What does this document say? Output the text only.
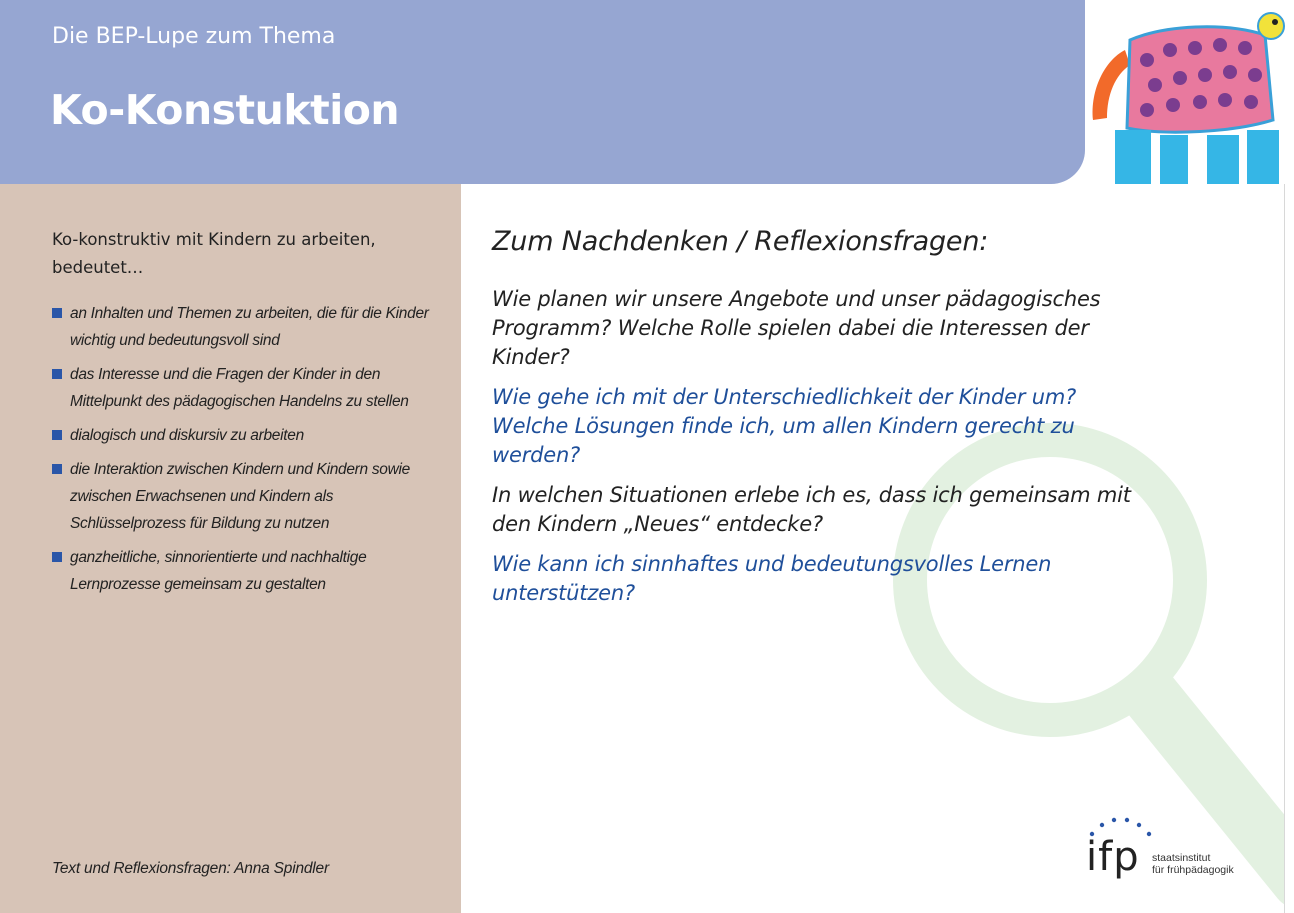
Die BEP-Lupe zum Thema
Ko-Konstuktion
Ko-konstruktiv mit Kindern zu arbeiten, bedeutet…
an Inhalten und Themen zu arbeiten, die für die Kinder wichtig und bedeutungsvoll sind
das Interesse und die Fragen der Kinder in den Mittelpunkt des pädagogischen Handelns zu stellen
dialogisch und diskursiv zu arbeiten
die Interaktion zwischen Kindern und Kindern sowie zwischen Erwachsenen und Kindern als Schlüsselprozess für Bildung zu nutzen
ganzheitliche, sinnorientierte und nachhaltige Lernprozesse gemeinsam zu gestalten
Text und Reflexionsfragen: Anna Spindler
Zum Nachdenken / Reflexionsfragen:

Wie planen wir unsere Angebote und unser pädagogisches Programm? Welche Rolle spielen dabei die Interessen der Kinder?

Wie gehe ich mit der Unterschiedlichkeit der Kinder um? Welche Lösungen finde ich, um allen Kindern gerecht zu werden?

In welchen Situationen erlebe ich es, dass ich gemeinsam mit den Kindern „Neues“ entdecke?

Wie kann ich sinnhaftes und bedeutungsvolles Lernen unterstützen?

ifp staatsinstitut
für frühpädagogik
